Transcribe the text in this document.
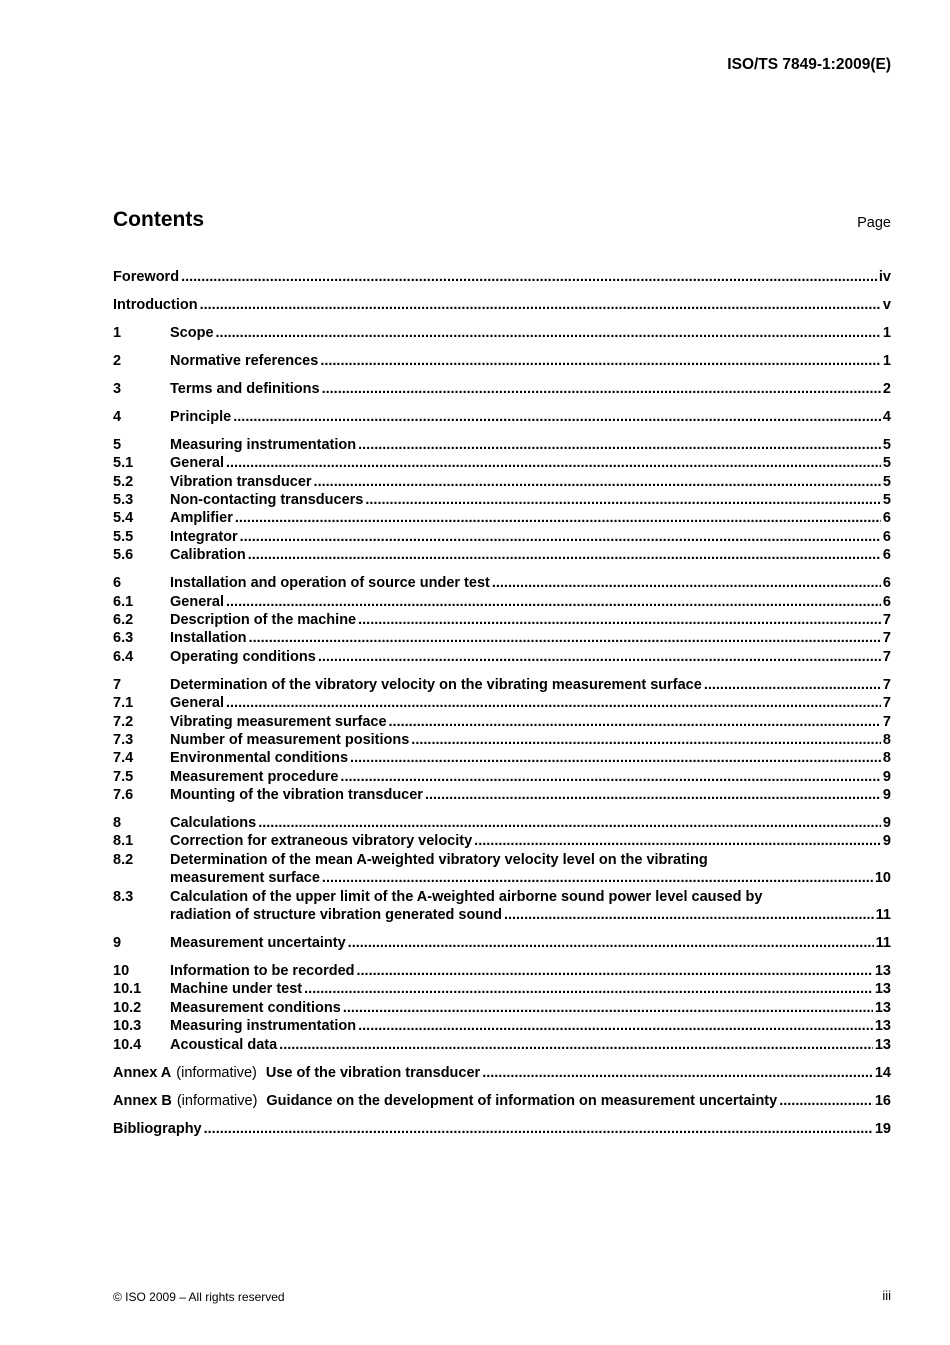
ISO/TS 7849-1:2009(E)
Contents	Page
Foreword .....	iv
Introduction .....	v
1	Scope .....	1
2	Normative references .....	1
3	Terms and definitions .....	2
4	Principle .....	4
5	Measuring instrumentation .....	5
5.1	General .....	5
5.2	Vibration transducer .....	5
5.3	Non-contacting transducers .....	5
5.4	Amplifier .....	6
5.5	Integrator .....	6
5.6	Calibration .....	6
6	Installation and operation of source under test .....	6
6.1	General .....	6
6.2	Description of the machine .....	7
6.3	Installation .....	7
6.4	Operating conditions .....	7
7	Determination of the vibratory velocity on the vibrating measurement surface .....	7
7.1	General .....	7
7.2	Vibrating measurement surface .....	7
7.3	Number of measurement positions .....	8
7.4	Environmental conditions .....	8
7.5	Measurement procedure .....	9
7.6	Mounting of the vibration transducer .....	9
8	Calculations .....	9
8.1	Correction for extraneous vibratory velocity .....	9
8.2	Determination of the mean A-weighted vibratory velocity level on the vibrating
measurement surface .....	10
8.3	Calculation of the upper limit of the A-weighted airborne sound power level caused by
radiation of structure vibration generated sound .....	11
9	Measurement uncertainty .....	11
10	Information to be recorded .....	13
10.1	Machine under test .....	13
10.2	Measurement conditions .....	13
10.3	Measuring instrumentation .....	13
10.4	Acoustical data .....	13
Annex A (informative) Use of the vibration transducer .....	14
Annex B (informative) Guidance on the development of information on measurement uncertainty .....	16
Bibliography .....	19
© ISO 2009 – All rights reserved	iii
